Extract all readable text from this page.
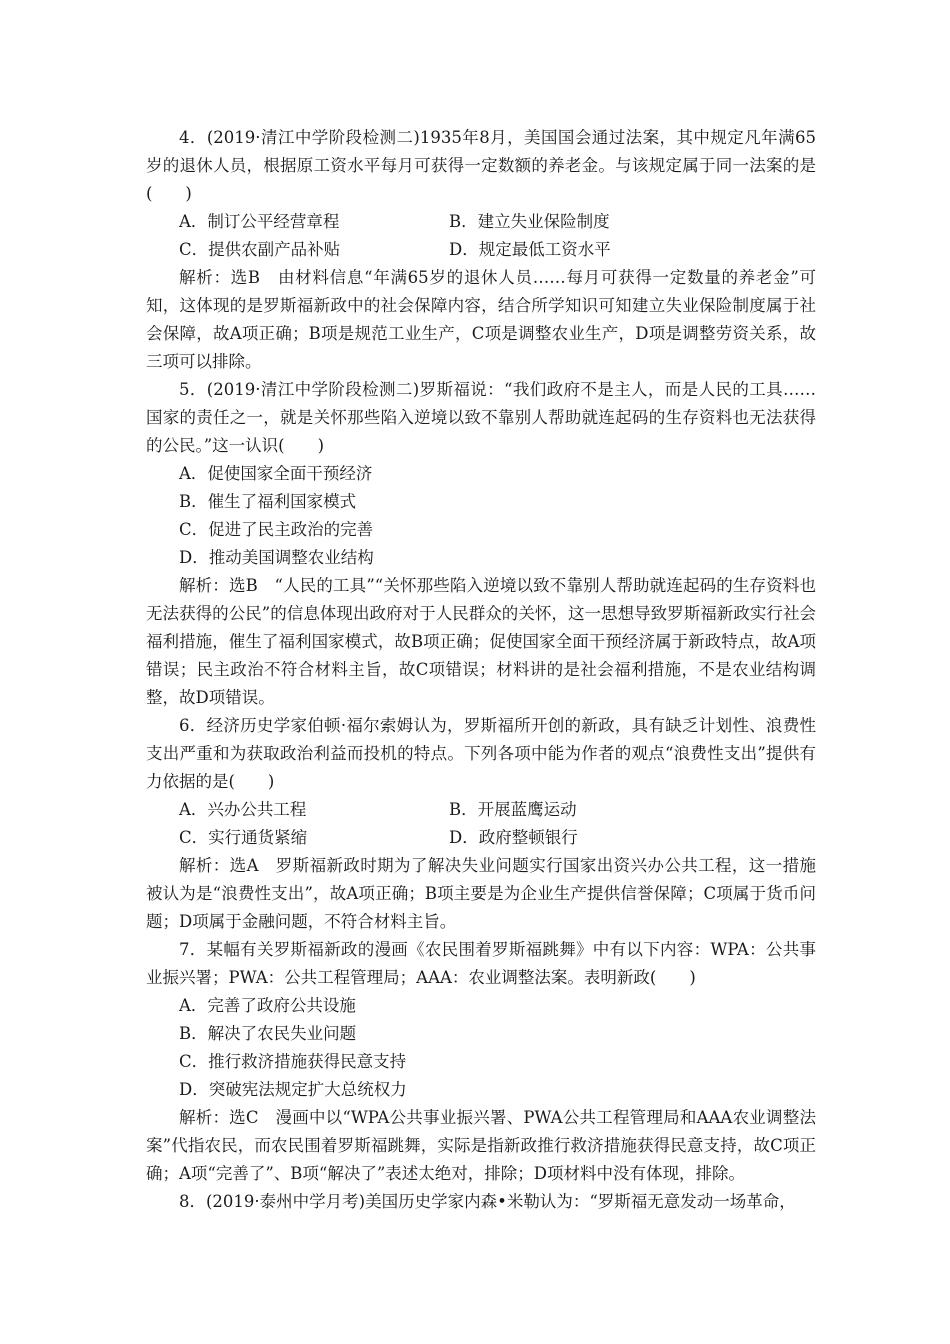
4．(2019·清江中学阶段检测二)1935年8月，美国国会通过法案，其中规定凡年满65岁的退休人员，根据原工资水平每月可获得一定数额的养老金。与该规定属于同一法案的是(　　)

A．制订公平经营章程	B．建立失业保险制度
C．提供农副产品补贴	D．规定最低工资水平

解析：选B　由材料信息“年满65岁的退休人员……每月可获得一定数量的养老金”可知，这体现的是罗斯福新政中的社会保障内容，结合所学知识可知建立失业保险制度属于社会保障，故A项正确；B项是规范工业生产，C项是调整农业生产，D项是调整劳资关系，故三项可以排除。

5．(2019·清江中学阶段检测二)罗斯福说：“我们政府不是主人，而是人民的工具……国家的责任之一，就是关怀那些陷入逆境以致不靠别人帮助就连起码的生存资料也无法获得的公民。”这一认识(　　)

A．促使国家全面干预经济
B．催生了福利国家模式
C．促进了民主政治的完善
D．推动美国调整农业结构

解析：选B　“人民的工具”“关怀那些陷入逆境以致不靠别人帮助就连起码的生存资料也无法获得的公民”的信息体现出政府对于人民群众的关怀，这一思想导致罗斯福新政实行社会福利措施，催生了福利国家模式，故B项正确；促使国家全面干预经济属于新政特点，故A项错误；民主政治不符合材料主旨，故C项错误；材料讲的是社会福利措施，不是农业结构调整，故D项错误。

6．经济历史学家伯顿·福尔索姆认为，罗斯福所开创的新政，具有缺乏计划性、浪费性支出严重和为获取政治利益而投机的特点。下列各项中能为作者的观点“浪费性支出”提供有力依据的是(　　)

A．兴办公共工程	B．开展蓝鹰运动
C．实行通货紧缩	D．政府整顿银行

解析：选A　罗斯福新政时期为了解决失业问题实行国家出资兴办公共工程，这一措施被认为是“浪费性支出”，故A项正确；B项主要是为企业生产提供信誉保障；C项属于货币问题；D项属于金融问题，不符合材料主旨。

7．某幅有关罗斯福新政的漫画《农民围着罗斯福跳舞》中有以下内容：WPA：公共事业振兴署；PWA：公共工程管理局；AAA：农业调整法案。表明新政(　　)

A．完善了政府公共设施
B．解决了农民失业问题
C．推行救济措施获得民意支持
D．突破宪法规定扩大总统权力

解析：选C　漫画中以“WPA公共事业振兴署、PWA公共工程管理局和AAA农业调整法案”代指农民，而农民围着罗斯福跳舞，实际是指新政推行救济措施获得民意支持，故C项正确；A项“完善了”、B项“解决了”表述太绝对，排除；D项材料中没有体现，排除。

8．(2019·泰州中学月考)美国历史学家内森•米勒认为：“罗斯福无意发动一场革命，
